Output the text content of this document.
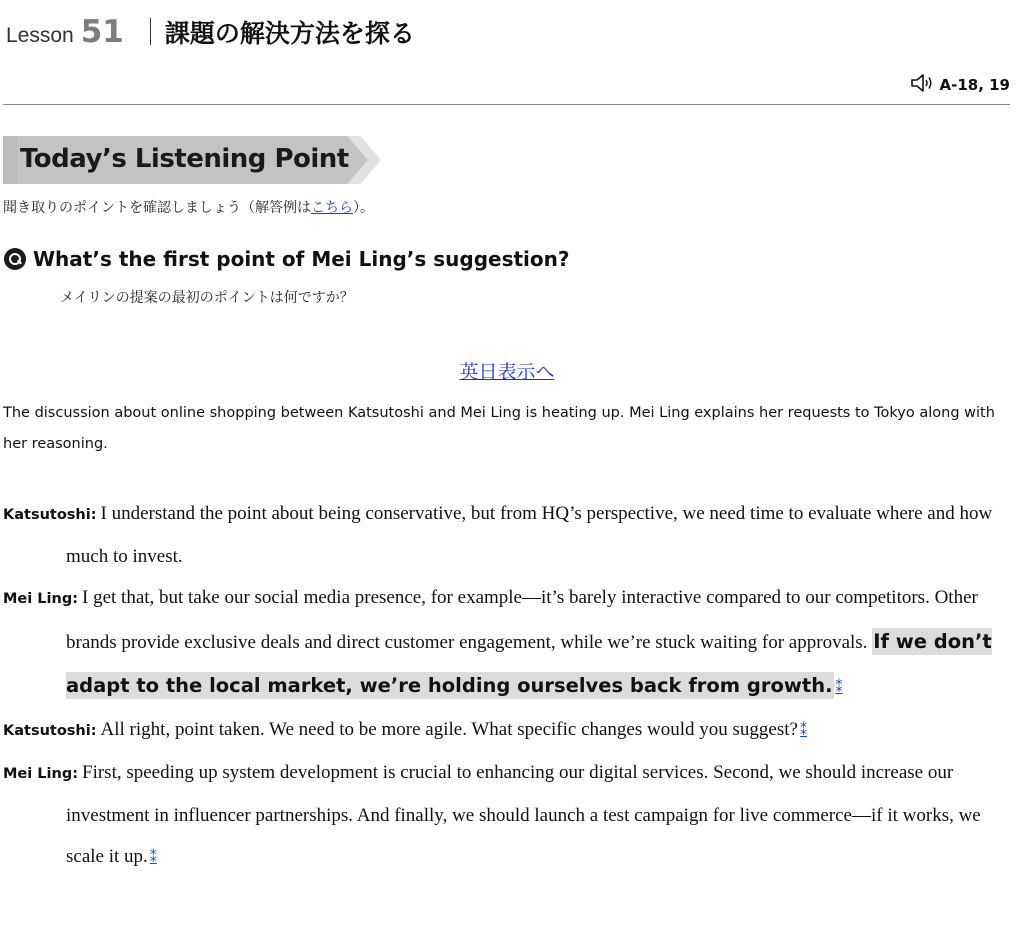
Lesson 51 課題の解決方法を探る
A-18, 19
Today’s Listening Point
聞き取りのポイントを確認しましょう（解答例はこちら）。
What’s the first point of Mei Ling’s suggestion?
メイリンの提案の最初のポイントは何ですか？
英日表示へ
The discussion about online shopping between Katsutoshi and Mei Ling is heating up. Mei Ling explains her requests to Tokyo along with her reasoning.
Katsutoshi: I understand the point about being conservative, but from HQ’s perspective, we need time to evaluate where and how much to invest.
Mei Ling: I get that, but take our social media presence, for example—it’s barely interactive compared to our competitors. Other brands provide exclusive deals and direct customer engagement, while we’re stuck waiting for approvals. If we don’t adapt to the local market, we’re holding ourselves back from growth. ⁑
Katsutoshi: All right, point taken. We need to be more agile. What specific changes would you suggest? ⁑
Mei Ling: First, speeding up system development is crucial to enhancing our digital services. Second, we should increase our investment in influencer partnerships. And finally, we should launch a test campaign for live commerce—if it works, we scale it up. ⁑
